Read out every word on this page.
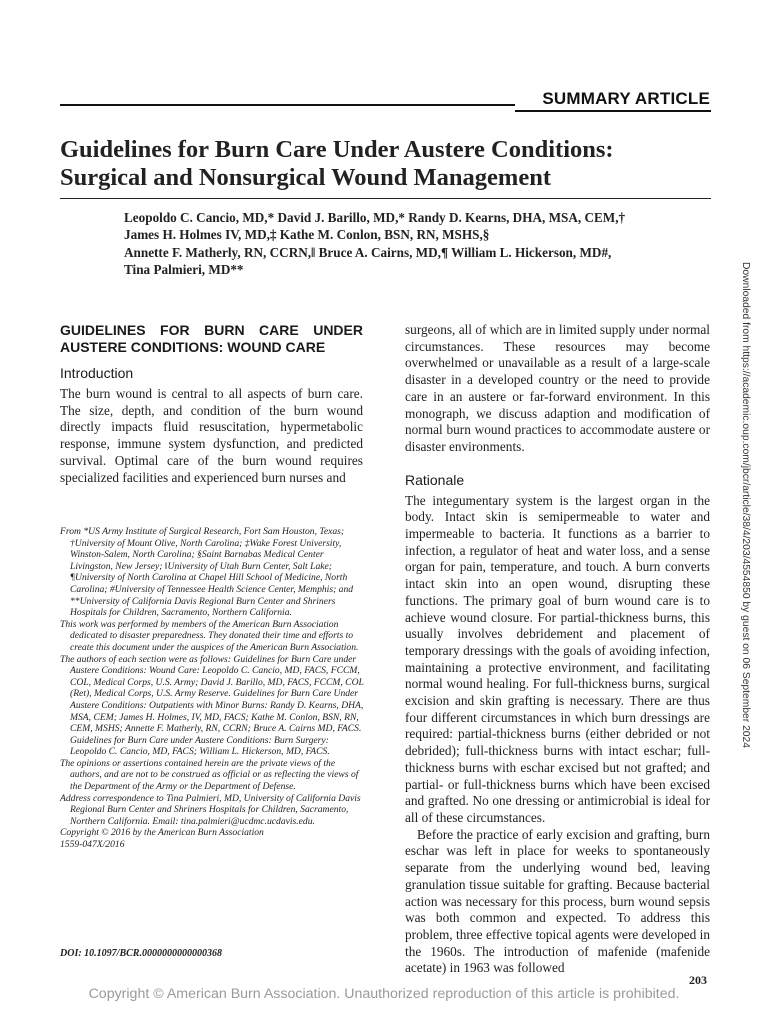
SUMMARY ARTICLE
Guidelines for Burn Care Under Austere Conditions:
Surgical and Nonsurgical Wound Management
Leopoldo C. Cancio, MD,* David J. Barillo, MD,* Randy D. Kearns, DHA, MSA, CEM,†
James H. Holmes IV, MD,‡ Kathe M. Conlon, BSN, RN, MSHS,§
Annette F. Matherly, RN, CCRN,‖ Bruce A. Cairns, MD,¶ William L. Hickerson, MD#,
Tina Palmieri, MD**
GUIDELINES FOR BURN CARE UNDER AUSTERE CONDITIONS: WOUND CARE
Introduction

The burn wound is central to all aspects of burn care. The size, depth, and condition of the burn wound directly impacts fluid resuscitation, hypermetabolic response, immune system dysfunction, and predicted survival. Optimal care of the burn wound requires specialized facilities and experienced burn nurses and

From *US Army Institute of Surgical Research, Fort Sam Houston, Texas; †University of Mount Olive, North Carolina; ‡Wake Forest University, Winston-Salem, North Carolina; §Saint Barnabas Medical Center Livingston, New Jersey; ‖University of Utah Burn Center, Salt Lake; ¶University of North Carolina at Chapel Hill School of Medicine, North Carolina; #University of Tennessee Health Science Center, Memphis; and **University of California Davis Regional Burn Center and Shriners Hospitals for Children, Sacramento, Northern California.

This work was performed by members of the American Burn Association dedicated to disaster preparedness. They donated their time and efforts to create this document under the auspices of the American Burn Association.

The authors of each section were as follows: Guidelines for Burn Care under Austere Conditions: Wound Care: Leopoldo C. Cancio, MD, FACS, FCCM, COL, Medical Corps, U.S. Army; David J. Barillo, MD, FACS, FCCM, COL (Ret), Medical Corps, U.S. Army Reserve. Guidelines for Burn Care Under Austere Conditions: Outpatients with Minor Burns: Randy D. Kearns, DHA, MSA, CEM; James H. Holmes, IV, MD, FACS; Kathe M. Conlon, BSN, RN, CEM, MSHS; Annette F. Matherly, RN, CCRN; Bruce A. Cairns MD, FACS. Guidelines for Burn Care under Austere Conditions: Burn Surgery: Leopoldo C. Cancio, MD, FACS; William L. Hickerson, MD, FACS.

The opinions or assertions contained herein are the private views of the authors, and are not to be construed as official or as reflecting the views of the Department of the Army or the Department of Defense.

Address correspondence to Tina Palmieri, MD, University of California Davis Regional Burn Center and Shriners Hospitals for Children, Sacramento, Northern California. Email: tina.palmieri@ucdmc.ucdavis.edu.

Copyright © 2016 by the American Burn Association

1559-047X/2016

DOI: 10.1097/BCR.0000000000000368

surgeons, all of which are in limited supply under normal circumstances. These resources may become overwhelmed or unavailable as a result of a large-scale disaster in a developed country or the need to provide care in an austere or far-forward environment. In this monograph, we discuss adaption and modification of normal burn wound practices to accommodate austere or disaster environments.

Rationale

The integumentary system is the largest organ in the body. Intact skin is semipermeable to water and impermeable to bacteria. It functions as a barrier to infection, a regulator of heat and water loss, and a sense organ for pain, temperature, and touch. A burn converts intact skin into an open wound, disrupting these functions. The primary goal of burn wound care is to achieve wound closure. For partial-thickness burns, this usually involves debridement and placement of temporary dressings with the goals of avoiding infection, maintaining a protective environment, and facilitating normal wound healing. For full-thickness burns, surgical excision and skin grafting is necessary. There are thus four different circumstances in which burn dressings are required: partial-thickness burns (either debrided or not debrided); full-thickness burns with intact eschar; full-thickness burns with eschar excised but not grafted; and partial- or full-thickness burns which have been excised and grafted. No one dressing or antimicrobial is ideal for all of these circumstances.

Before the practice of early excision and grafting, burn eschar was left in place for weeks to spontaneously separate from the underlying wound bed, leaving granulation tissue suitable for grafting. Because bacterial action was necessary for this process, burn wound sepsis was both common and expected. To address this problem, three effective topical agents were developed in the 1960s. The introduction of mafenide (mafenide acetate) in 1963 was followed

203
Copyright © American Burn Association. Unauthorized reproduction of this article is prohibited.
Downloaded from https://academic.oup.com/jbcr/article/38/4/203/4554850 by guest on 06 September 2024
